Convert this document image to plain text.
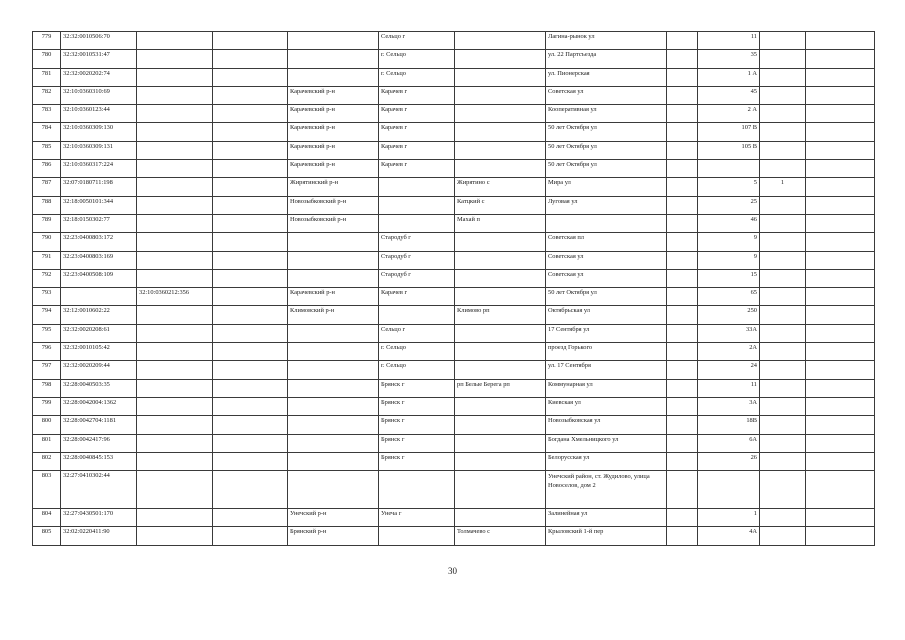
779	32:32:0010506:70				Сельцо г		Лагина-рынок ул		11		
780	32:32:0010531:47				г. Сельцо		ул. 22 Партсъезда		35		
781	32:32:0020202:74				г. Сельцо		ул. Пионерская		1 А		
782	32:10:0360310:69			Карачевский р-н	Карачев г		Советская ул		45		
783	32:10:0360123:44			Карачевский р-н	Карачев г		Кооперативная ул		2 А		
784	32:10:0360309:130			Карачевский р-н	Карачев г		50 лет Октября ул		107 В		
785	32:10:0360309:131			Карачевский р-н	Карачев г		50 лет Октября ул		105 В		
786	32:10:0360317:224			Карачевский р-н	Карачев г		50 лет Октября ул				
787	32:07:0180711:198			Жирятинский р-н		Жирятино с	Мира ул		5	1	
788	32:18:0050101:344			Новозыбковский р-н		Катцкий с	Луговая ул		25		
789	32:18:0150302:77			Новозыбковский р-н		Махай п			46		
790	32:23:0400803:172				Стародуб г		Советская пл		9		
791	32:23:0400803:169				Стародуб г		Советская ул		9		
792	32:23:0400508:109				Стародуб г		Советская ул		15		
793		32:10:0360212:356		Карачевский р-н	Карачев г		50 лет Октября ул		65		
794	32:12:0010602:22			Климовский р-н		Климово рп	Октябрьская ул		250		
795	32:32:0020208:61				Сельцо г		17 Сентября ул		33А		
796	32:32:0010105:42				г. Сельцо		проезд Горького		2А		
797	32:32:0020209:44				г. Сельцо		ул. 17 Сентября		24		
798	32:28:0040503:35				Брянск г	рп Белые Берега рп	Коммунарная ул		11		
799	32:28:0042004:1362				Брянск г		Киевская ул		3А		
800	32:28:0042704:1181				Брянск г		Новозыбковская ул		18В		
801	32:28:0042417:96				Брянск г		Богдана Хмельницкого ул		6А		
802	32:28:0040845:153				Брянск г		Белорусская ул		26		
803	32:27:0410302:44						Унечский район, ст. Жудилово, улица Новоселов, дом 2				
804	32:27:0430501:170			Унечский р-н	Унеча г		Залинейная ул		1		
805	32:02:0220411:90			Брянский р-н		Толмачево с	Крыловский 1-й пер		4А		
30
